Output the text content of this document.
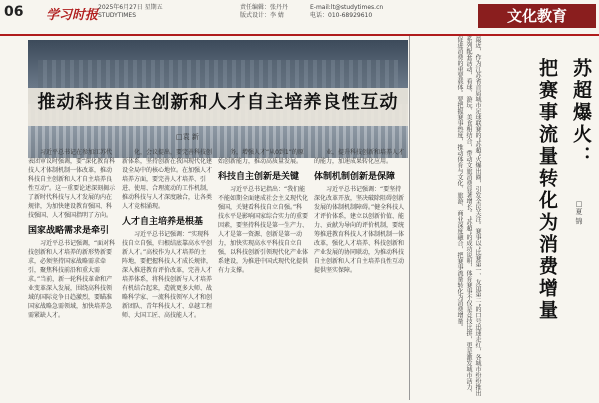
06 学习时报
2025年6月27日 星期五
STUDYTIMES
责任编辑：张丹丹
版式设计：李 婧
E-mail:lt@studytimes.cn
电话：010-68929610	文化教育
推动科技自主创新和人才自主培养良性互动
□袁 新

习近平总书记在参加江苏代表团审议时强调，要“深化教育科技人才体制机制一体改革，推动科技自主创新和人才自主培养良性互动”。这一重要论述深刻揭示了新时代科技与人才发展的内在规律，为加快建设教育强国、科技强国、人才强国指明了方向。

国家战略需求是牵引

习近平总书记强调，“面对科技创新和人才培养的新形势新要求，必须坚持国家战略需求牵引，聚焦科技前沿和重大需求。”当前，新一轮科技革命和产业变革深入发展，围绕高科技领域的国际竞争日趋激烈，要瞄准国家战略急需领域，加快培养急需紧缺人才。

化，会议提出，要完善科技创新体系，坚持创新在我国现代化建设全局中的核心地位。在加强人才培养方面，要完善人才培养、引进、使用、合理流动的工作机制，推动科技与人才深度融合，让各类人才竞相涌现。

人才自主培养是根基

习近平总书记强调：“实现科技自立自强，归根结底靠高水平创新人才。”高校作为人才培养的主阵地，要把握科技人才成长规律，深入推进教育评价改革，完善人才培养体系，将科技创新与人才培养有机结合起来，造就更多大师、战略科学家、一流科技领军人才和创新团队、青年科技人才、卓越工程师、大国工匠、高技能人才。

务，增强人才“从0到1”的原始创新能力，推动高质量发展。

科技自主创新是关键

习近平总书记指出：“我们能不能如期全面建成社会主义现代化强国，关键看科技自立自强。”科技水平是影响国家综合实力的重要因素，要坚持科技是第一生产力、人才是第一资源、创新是第一动力，加快实现高水平科技自立自强，以科技创新引领现代化产业体系建设，为推进中国式现代化提供有力支撑。

业，提升科技创新和培养人才的能力，加速成果转化应用。

体制机制创新是保障

习近平总书记强调：“要坚持深化改革开放，坚决破除阻碍创新发展的体制机制障碍。”健全科技人才评价体系，建立以创新价值、能力、贡献为导向的评价机制，要统筹推进教育科技人才体制机制一体改革，强化人才培养、科技创新和产业发展的协同联动，为推动科技自主创新和人才自主培养良性互动提供坚实保障。	最近，作为江苏省首届城市足球联赛的“苏超”火爆出圈，引发全民关注。赛事以“比赛第一、友谊第二”的口号迅速走红，各城市纷纷推出系列配套活动，看球、游玩、美食相结合，带动文旅消费显著增长。“苏超”的成功说明，体育赛事不仅是竞技比拼，更是激发城市活力、促进消费的重要载体。要把握赛事热度，推动体育与文化、旅游、商业深度融合，把赛事流量转化为消费增量。	苏超爆火：
把赛事流量转化为消费增量	□夏 锦
